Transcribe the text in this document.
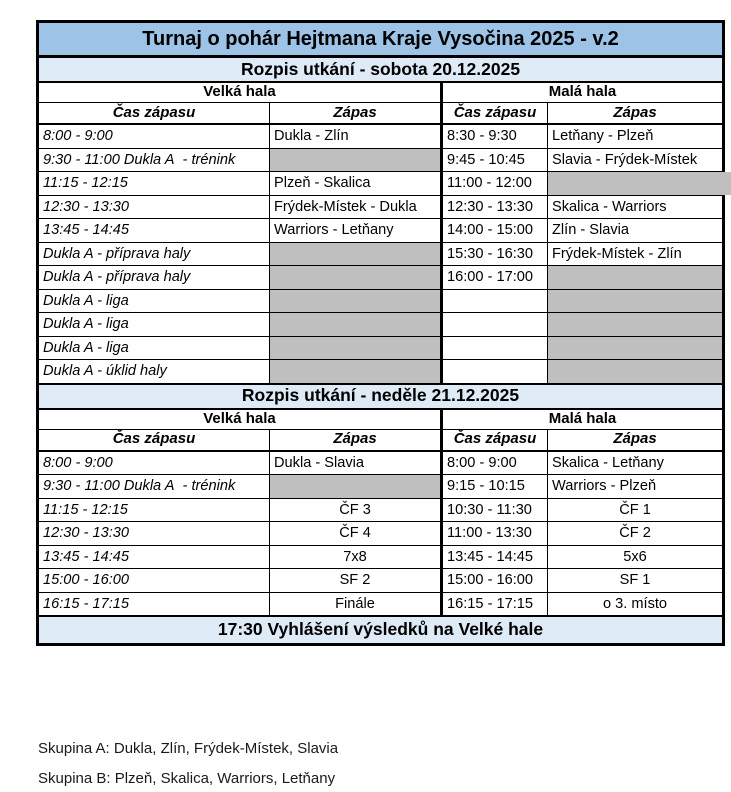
Turnaj o pohár Hejtmana Kraje Vysočina 2025 - v.2			
Rozpis utkání - sobota 20.12.2025			
Velká hala		Malá hala	
Čas zápasu	Zápas	Čas zápasu	Zápas
8:00 - 9:00	Dukla - Zlín	8:30 - 9:30	Letňany - Plzeň
9:30 - 11:00 Dukla A  - trénink		9:45 - 10:45	Slavia - Frýdek-Místek
11:15 - 12:15	Plzeň - Skalica	11:00 - 12:00	
12:30 - 13:30	Frýdek-Místek - Dukla	12:30 - 13:30	Skalica - Warriors
13:45 - 14:45	Warriors - Letňany	14:00 - 15:00	Zlín - Slavia
Dukla A - příprava haly		15:30 - 16:30	Frýdek-Místek - Zlín
Dukla A - příprava haly		16:00 - 17:00	
Dukla A - liga			
Dukla A - liga			
Dukla A - liga			
Dukla A - úklid haly			
Rozpis utkání - neděle 21.12.2025			
Velká hala		Malá hala	
Čas zápasu	Zápas	Čas zápasu	Zápas
8:00 - 9:00	Dukla - Slavia	8:00 - 9:00	Skalica - Letňany
9:30 - 11:00 Dukla A  - trénink		9:15 - 10:15	Warriors - Plzeň
11:15 - 12:15	ČF 3	10:30 - 11:30	ČF 1
12:30 - 13:30	ČF 4	11:00 - 13:30	ČF 2
13:45 - 14:45	7x8	13:45 - 14:45	5x6
15:00 - 16:00	SF 2	15:00 - 16:00	SF 1
16:15 - 17:15	Finále	16:15 - 17:15	o 3. místo
17:30 Vyhlášení výsledků na Velké hale			
Skupina A: Dukla, Zlín, Frýdek-Místek, Slavia
Skupina B: Plzeň, Skalica, Warriors, Letňany
